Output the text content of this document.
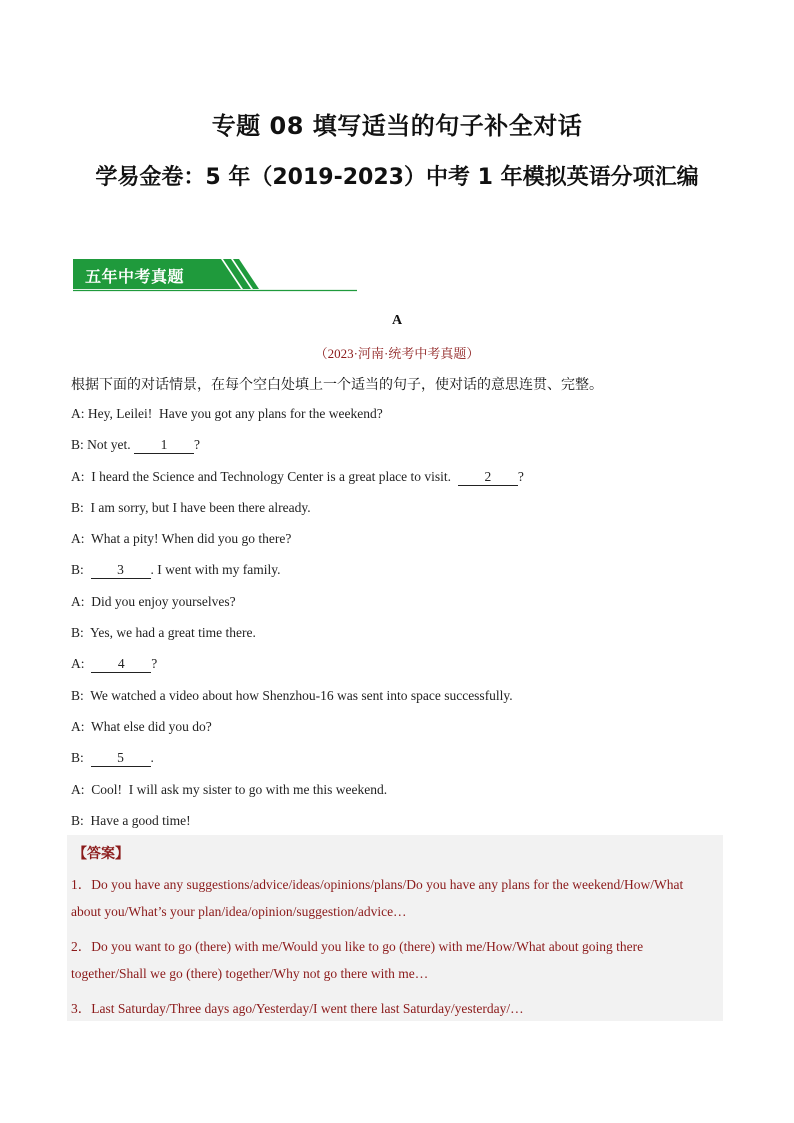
专题 08 填写适当的句子补全对话
学易金卷：5 年（2019-2023）中考 1 年模拟英语分项汇编
五年中考真题
A
（2023·河南·统考中考真题）
根据下面的对话情景，在每个空白处填上一个适当的句子，使对话的意思连贯、完整。
A: Hey, Leilei!  Have you got any plans for the weekend?
B: Not yet. 1 ?
A:  I heard the Science and Technology Center is a great place to visit.  2 ?
B:  I am sorry, but I have been there already.
A:  What a pity! When did you go there?
B:  3 . I went with my family.
A:  Did you enjoy yourselves?
B:  Yes, we had a great time there.
A:  4 ?
B:  We watched a video about how Shenzhou-16 was sent into space successfully.
A:  What else did you do?
B:  5 .
A:  Cool!  I will ask my sister to go with me this weekend.
B:  Have a good time!
【答案】
1．Do you have any suggestions/advice/ideas/opinions/plans/Do you have any plans for the weekend/How/What
about you/What’s your plan/idea/opinion/suggestion/advice…
2．Do you want to go (there) with me/Would you like to go (there) with me/How/What about going there
together/Shall we go (there) together/Why not go there with me…
3．Last Saturday/Three days ago/Yesterday/I went there last Saturday/yesterday/…
